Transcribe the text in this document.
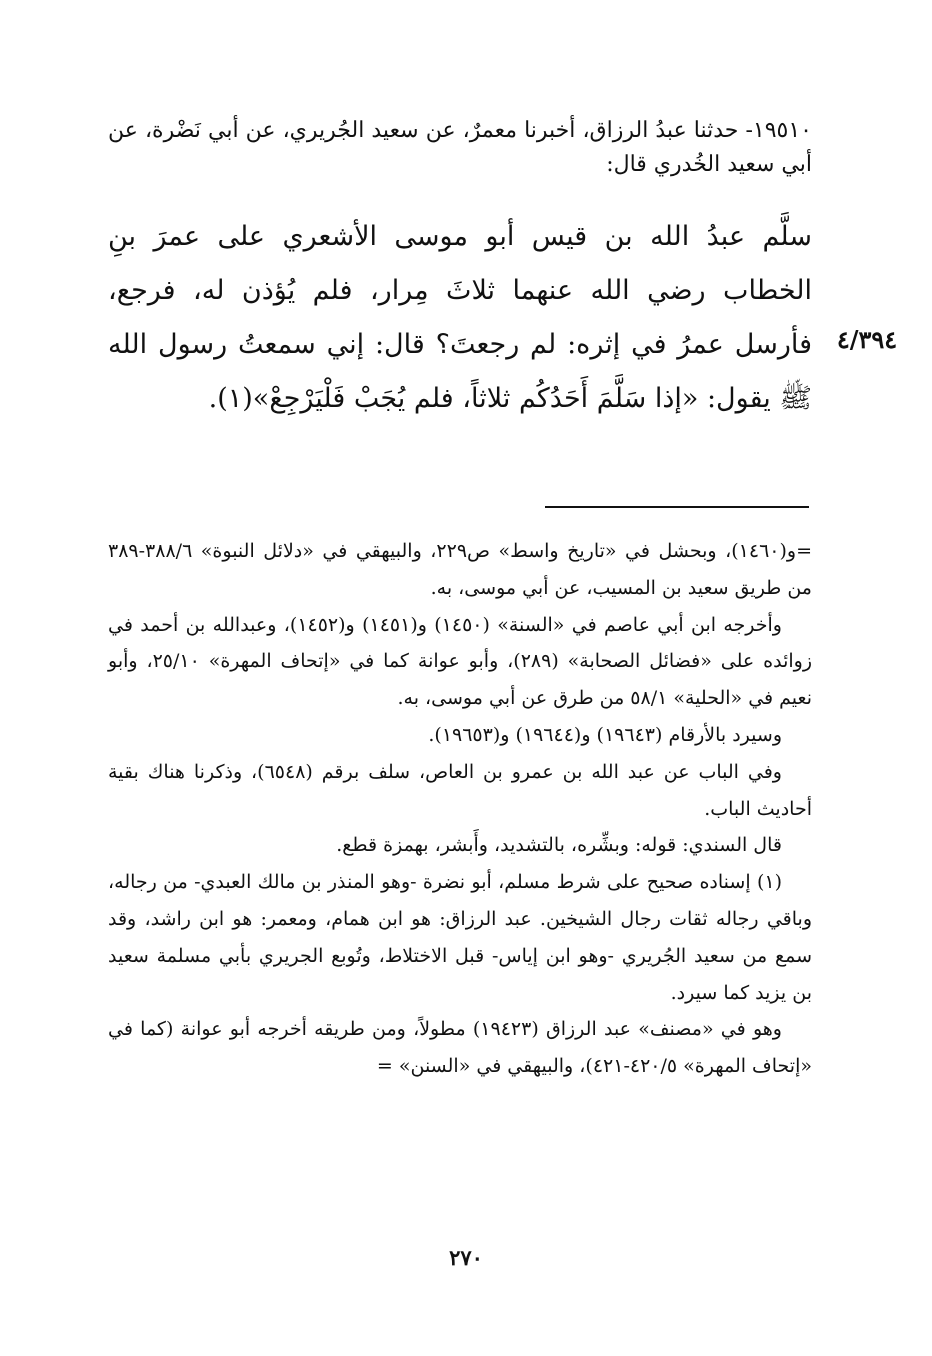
١٩٥١٠- حدثنا عبدُ الرزاق، أخبرنا معمرٌ، عن سعيد الجُريري، عن أبي نَضْرة، عن أبي سعيد الخُدري قال:

سلَّم عبدُ الله بن قيس أبو موسى الأشعري على عمرَ بنِ الخطاب رضي الله عنهما ثلاثَ مِرار، فلم يُؤذن له، فرجع، فأرسل عمرُ في إثره: لم رجعتَ؟ قال: إني سمعتُ رسول الله ﷺ يقول: «إذا سَلَّمَ أَحَدُكُم ثلاثاً، فلم يُجَبْ فَلْيَرْجِعْ»(١).

٤/٣٩٤

=و(١٤٦٠)، وبحشل في «تاريخ واسط» ص٢٢٩، والبيهقي في «دلائل النبوة» ٣٨٨/٦-٣٨٩ من طريق سعيد بن المسيب، عن أبي موسى، به.

وأخرجه ابن أبي عاصم في «السنة» (١٤٥٠) و(١٤٥١) و(١٤٥٢)، وعبدالله بن أحمد في زوائده على «فضائل الصحابة» (٢٨٩)، وأبو عوانة كما في «إتحاف المهرة» ٢٥/١٠، وأبو نعيم في «الحلية» ٥٨/١ من طرق عن أبي موسى، به.

وسيرد بالأرقام (١٩٦٤٣) و(١٩٦٤٤) و(١٩٦٥٣).

وفي الباب عن عبد الله بن عمرو بن العاص، سلف برقم (٦٥٤٨)، وذكرنا هناك بقية أحاديث الباب.

قال السندي: قوله: وبشِّره، بالتشديد، وأَبشر، بهمزة قطع.

(١) إسناده صحيح على شرط مسلم، أبو نضرة -وهو المنذر بن مالك العبدي- من رجاله، وباقي رجاله ثقات رجال الشيخين. عبد الرزاق: هو ابن همام، ومعمر: هو ابن راشد، وقد سمع من سعيد الجُريري -وهو ابن إياس- قبل الاختلاط، وتُوبع الجريري بأبي مسلمة سعيد بن يزيد كما سيرد.

وهو في «مصنف» عبد الرزاق (١٩٤٢٣) مطولاً، ومن طريقه أخرجه أبو عوانة (كما في «إتحاف المهرة» ٤٢٠/٥-٤٢١)، والبيهقي في «السنن» =

٢٧٠
